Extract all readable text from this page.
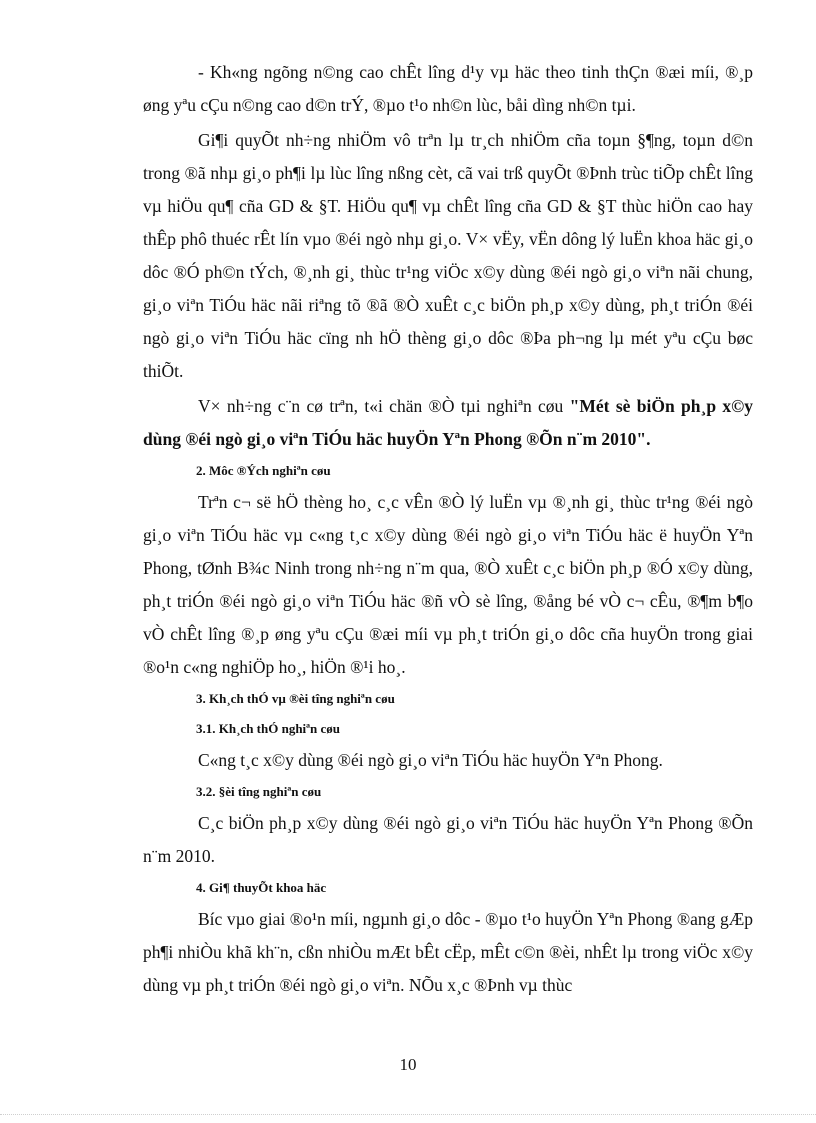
- Kh«ng ngõng n©ng cao chÊt lîng d¹y vµ häc theo tinh thÇn ®æi míi, ®¸p øng yªu cÇu n©ng cao d©n trÝ, ®µo t¹o nh©n lùc, båi dìng nh©n tµi.

Gi¶i quyÕt nh÷ng nhiÖm vô trªn lµ tr¸ch nhiÖm cña toµn §¶ng, toµn d©n trong ®ã nhµ gi¸o ph¶i lµ lùc lîng nßng cèt, cã vai trß quyÕt ®Þnh trùc tiÕp chÊt lîng vµ hiÖu qu¶ cña GD & §T. HiÖu qu¶ vµ chÊt lîng cña GD & §T thùc hiÖn cao hay thÊp phô thuéc rÊt lín vµo ®éi ngò nhµ gi¸o. V× vËy, vËn dông lý luËn khoa häc gi¸o dôc ®Ó ph©n tÝch, ®¸nh gi¸ thùc tr¹ng viÖc x©y dùng ®éi ngò gi¸o viªn nãi chung, gi¸o viªn TiÓu häc nãi riªng tõ ®ã ®Ò xuÊt c¸c biÖn ph¸p x©y dùng, ph¸t triÓn ®éi ngò gi¸o viªn TiÓu häc cïng nh hÖ thèng gi¸o dôc ®Þa ph¬ng lµ mét yªu cÇu bøc thiÕt.

V× nh÷ng c¨n cø trªn, t«i chän ®Ò tµi nghiªn cøu "Mét sè biÖn ph¸p x©y dùng ®éi ngò gi¸o viªn TiÓu häc huyÖn Yªn Phong ®Õn n¨m 2010".

2. Môc ®Ých nghiªn cøu

Trªn c¬ së hÖ thèng ho¸ c¸c vÊn ®Ò lý luËn vµ ®¸nh gi¸ thùc tr¹ng ®éi ngò gi¸o viªn TiÓu häc vµ c«ng t¸c x©y dùng ®éi ngò gi¸o viªn TiÓu häc ë huyÖn Yªn Phong, tØnh B¾c Ninh trong nh÷ng n¨m qua, ®Ò xuÊt c¸c biÖn ph¸p ®Ó x©y dùng, ph¸t triÓn ®éi ngò gi¸o viªn TiÓu häc ®ñ vÒ sè lîng, ®ång bé vÒ c¬ cÊu, ®¶m b¶o vÒ chÊt lîng ®¸p øng yªu cÇu ®æi míi vµ ph¸t triÓn gi¸o dôc cña huyÖn trong giai ®o¹n c«ng nghiÖp ho¸, hiÖn ®¹i ho¸.

3. Kh¸ch thÓ vµ ®èi tîng nghiªn cøu

3.1. Kh¸ch thÓ nghiªn cøu

C«ng t¸c x©y dùng ®éi ngò gi¸o viªn TiÓu häc huyÖn Yªn Phong.

3.2. §èi tîng nghiªn cøu

C¸c biÖn ph¸p x©y dùng ®éi ngò gi¸o viªn TiÓu häc huyÖn Yªn Phong ®Õn n¨m 2010.

4. Gi¶ thuyÕt khoa häc

Bíc vµo giai ®o¹n míi, ngµnh gi¸o dôc - ®µo t¹o huyÖn Yªn Phong ®ang gÆp ph¶i nhiÒu khã kh¨n, cßn nhiÒu mÆt bÊt cËp, mÊt c©n ®èi, nhÊt lµ trong viÖc x©y dùng vµ ph¸t triÓn ®éi ngò gi¸o viªn. NÕu x¸c ®Þnh vµ thùc

10
